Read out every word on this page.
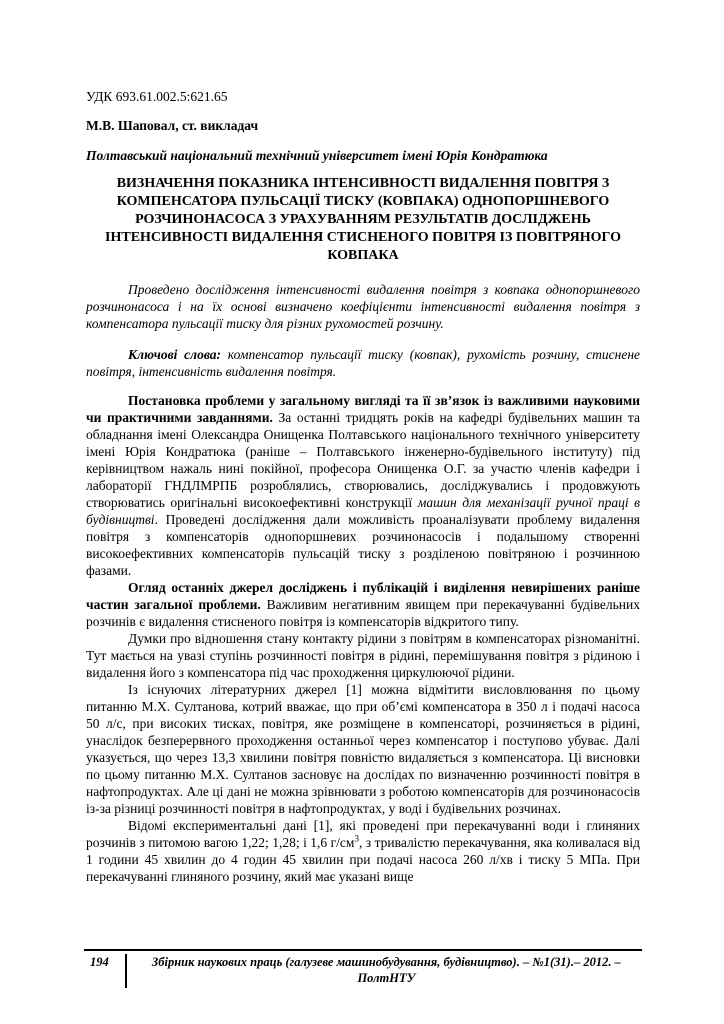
УДК 693.61.002.5:621.65
М.В. Шаповал, ст. викладач
Полтавський національний технічний університет імені Юрія Кондратюка
ВИЗНАЧЕННЯ ПОКАЗНИКА ІНТЕНСИВНОСТІ ВИДАЛЕННЯ ПОВІТРЯ З КОМПЕНСАТОРА ПУЛЬСАЦІЇ ТИСКУ (КОВПАКА) ОДНОПОРШНЕВОГО РОЗЧИНОНАСОСА З УРАХУВАННЯМ РЕЗУЛЬТАТІВ ДОСЛІДЖЕНЬ ІНТЕНСИВНОСТІ ВИДАЛЕННЯ СТИСНЕНОГО ПОВІТРЯ ІЗ ПОВІТРЯНОГО КОВПАКА

Проведено дослідження інтенсивності видалення повітря з ковпака однопоршневого розчинонасоса і на їх основі визначено коефіцієнти інтенсивності видалення повітря з компенсатора пульсації тиску для різних рухомостей розчину.

Ключові слова: компенсатор пульсації тиску (ковпак), рухомість розчину, стиснене повітря, інтенсивність видалення повітря.

Постановка проблеми у загальному вигляді та її зв’язок із важливими науковими чи практичними завданнями. За останні тридцять років на кафедрі будівельних машин та обладнання імені Олександра Онищенка Полтавського національного технічного університету імені Юрія Кондратюка (раніше – Полтавського інженерно-будівельного інституту) під керівництвом нажаль нині покійної, професора Онищенка О.Г. за участю членів кафедри і лабораторії ГНДЛМРПБ розроблялись, створювались, досліджувались і продовжують створюватись оригінальні високоефективні конструкції машин для механізації ручної праці в будівництві. Проведені дослідження дали можливість проаналізувати проблему видалення повітря з компенсаторів однопоршневих розчинонасосів і подальшому створенні високоефективних компенсаторів пульсацій тиску з розділеною повітряною і розчинною фазами.

Огляд останніх джерел досліджень і публікацій і виділення невирішених раніше частин загальної проблеми. Важливим негативним явищем при перекачуванні будівельних розчинів є видалення стисненого повітря із компенсаторів відкритого типу.

Думки про відношення стану контакту рідини з повітрям в компенсаторах різноманітні. Тут мається на увазі ступінь розчинності повітря в рідині, перемішування повітря з рідиною і видалення його з компенсатора під час проходження циркулюючої рідини.

Із існуючих літературних джерел [1] можна відмітити висловлювання по цьому питанню М.Х. Султанова, котрий вважає, що при об’ємі компенсатора в 350 л і подачі насоса 50 л/с, при високих тисках, повітря, яке розміщене в компенсаторі, розчиняється в рідині, унаслідок безперервного проходження останньої через компенсатор і поступово убуває. Далі указується, що через 13,3 хвилини повітря повністю видаляється з компенсатора. Ці висновки по цьому питанню М.Х. Султанов засновує на дослідах по визначенню розчинності повітря в нафтопродуктах. Але ці дані не можна зрівнювати з роботою компенсаторів для розчинонасосів із-за різниці розчинності повітря в нафтопродуктах, у воді і будівельних розчинах.

Відомі експериментальні дані [1], які проведені при перекачуванні води і глиняних розчинів з питомою вагою 1,22; 1,28; і 1,6 $г/см^3$, з тривалістю перекачування, яка коливалася від 1 години 45 хвилин до 4 годин 45 хвилин при подачі насоса 260 л/хв і тиску 5 МПа. При перекачуванні глиняного розчину, який має указані вище

194	Збірник наукових праць (галузеве машинобудування, будівництво). – №1(31).– 2012. – ПолтНТУ
